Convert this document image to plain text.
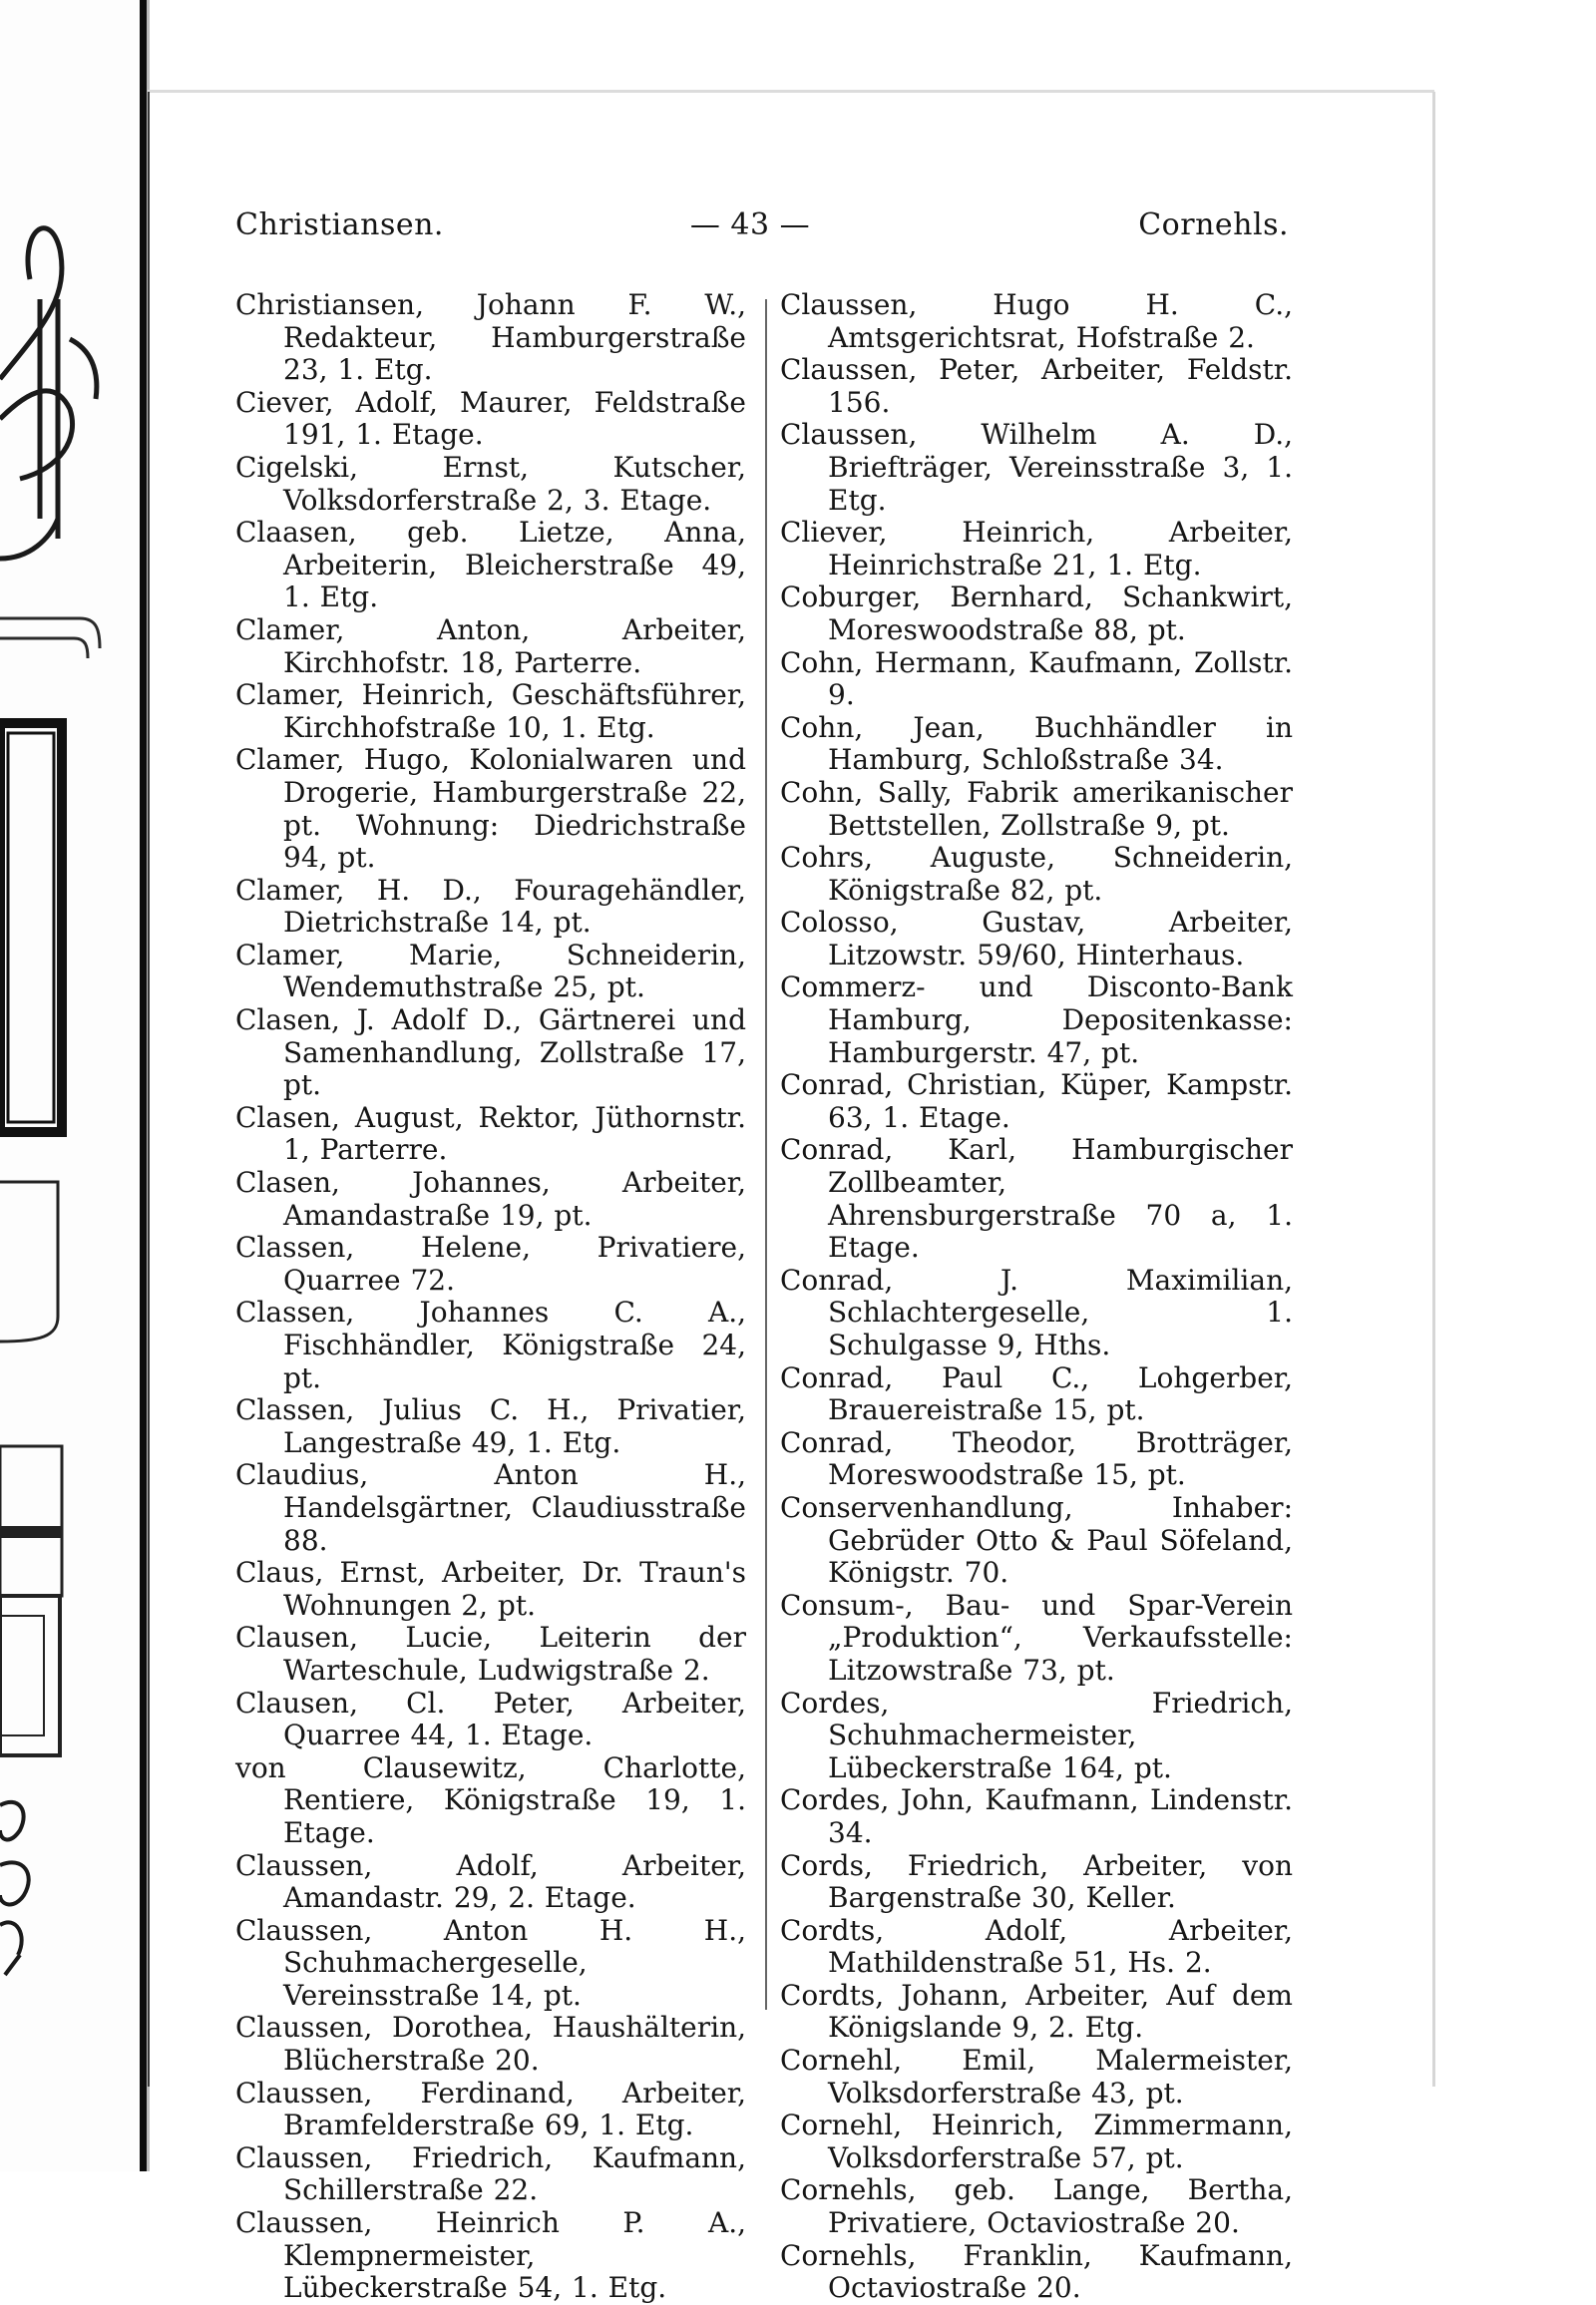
Christiansen.	— 43 —	Cornehls.

Christiansen, Johann F. W., Redakteur, Hamburgerstraße 23, 1. Etg.

Ciever, Adolf, Maurer, Feldstraße 191, 1. Etage.

Cigelski, Ernst, Kutscher, Volksdorferstraße 2, 3. Etage.

Claasen, geb. Lietze, Anna, Arbeiterin, Bleicherstraße 49, 1. Etg.

Clamer, Anton, Arbeiter, Kirchhofstr. 18, Parterre.

Clamer, Heinrich, Geschäftsführer, Kirchhofstraße 10, 1. Etg.

Clamer, Hugo, Kolonialwaren und Drogerie, Hamburgerstraße 22, pt. Wohnung: Diedrichstraße 94, pt.

Clamer, H. D., Fouragehändler, Dietrichstraße 14, pt.

Clamer, Marie, Schneiderin, Wendemuthstraße 25, pt.

Clasen, J. Adolf D., Gärtnerei und Samenhandlung, Zollstraße 17, pt.

Clasen, August, Rektor, Jüthornstr. 1, Parterre.

Clasen, Johannes, Arbeiter, Amandastraße 19, pt.

Classen, Helene, Privatiere, Quarree 72.

Classen, Johannes C. A., Fischhändler, Königstraße 24, pt.

Classen, Julius C. H., Privatier, Langestraße 49, 1. Etg.

Claudius, Anton H., Handelsgärtner, Claudiusstraße 88.

Claus, Ernst, Arbeiter, Dr. Traun's Wohnungen 2, pt.

Clausen, Lucie, Leiterin der Warteschule, Ludwigstraße 2.

Clausen, Cl. Peter, Arbeiter, Quarree 44, 1. Etage.

von Clausewitz, Charlotte, Rentiere, Königstraße 19, 1. Etage.

Claussen, Adolf, Arbeiter, Amandastr. 29, 2. Etage.

Claussen, Anton H. H., Schuhmachergeselle, Vereinsstraße 14, pt.

Claussen, Dorothea, Haushälterin, Blücherstraße 20.

Claussen, Ferdinand, Arbeiter, Bramfelderstraße 69, 1. Etg.

Claussen, Friedrich, Kaufmann, Schillerstraße 22.

Claussen, Heinrich P. A., Klempnermeister, Lübeckerstraße 54, 1. Etg.

Claussen, Hugo H. C., Amtsgerichtsrat, Hofstraße 2.

Claussen, Peter, Arbeiter, Feldstr. 156.

Claussen, Wilhelm A. D., Briefträger, Vereinsstraße 3, 1. Etg.

Cliever, Heinrich, Arbeiter, Heinrichstraße 21, 1. Etg.

Coburger, Bernhard, Schankwirt, Moreswoodstraße 88, pt.

Cohn, Hermann, Kaufmann, Zollstr. 9.

Cohn, Jean, Buchhändler in Hamburg, Schloßstraße 34.

Cohn, Sally, Fabrik amerikanischer Bettstellen, Zollstraße 9, pt.

Cohrs, Auguste, Schneiderin, Königstraße 82, pt.

Colosso, Gustav, Arbeiter, Litzowstr. 59/60, Hinterhaus.

Commerz- und Disconto-Bank Hamburg, Depositenkasse: Hamburgerstr. 47, pt.

Conrad, Christian, Küper, Kampstr. 63, 1. Etage.

Conrad, Karl, Hamburgischer Zollbeamter, Ahrensburgerstraße 70 a, 1. Etage.

Conrad, J. Maximilian, Schlachtergeselle, 1. Schulgasse 9, Hths.

Conrad, Paul C., Lohgerber, Brauereistraße 15, pt.

Conrad, Theodor, Brotträger, Moreswoodstraße 15, pt.

Conservenhandlung, Inhaber: Gebrüder Otto & Paul Söfeland, Königstr. 70.

Consum-, Bau- und Spar-Verein „Produktion“, Verkaufsstelle: Litzowstraße 73, pt.

Cordes, Friedrich, Schuhmachermeister, Lübeckerstraße 164, pt.

Cordes, John, Kaufmann, Lindenstr. 34.

Cords, Friedrich, Arbeiter, von Bargenstraße 30, Keller.

Cordts, Adolf, Arbeiter, Mathildenstraße 51, Hs. 2.

Cordts, Johann, Arbeiter, Auf dem Königslande 9, 2. Etg.

Cornehl, Emil, Malermeister, Volksdorferstraße 43, pt.

Cornehl, Heinrich, Zimmermann, Volksdorferstraße 57, pt.

Cornehls, geb. Lange, Bertha, Privatiere, Octaviostraße 20.

Cornehls, Franklin, Kaufmann, Octaviostraße 20.
